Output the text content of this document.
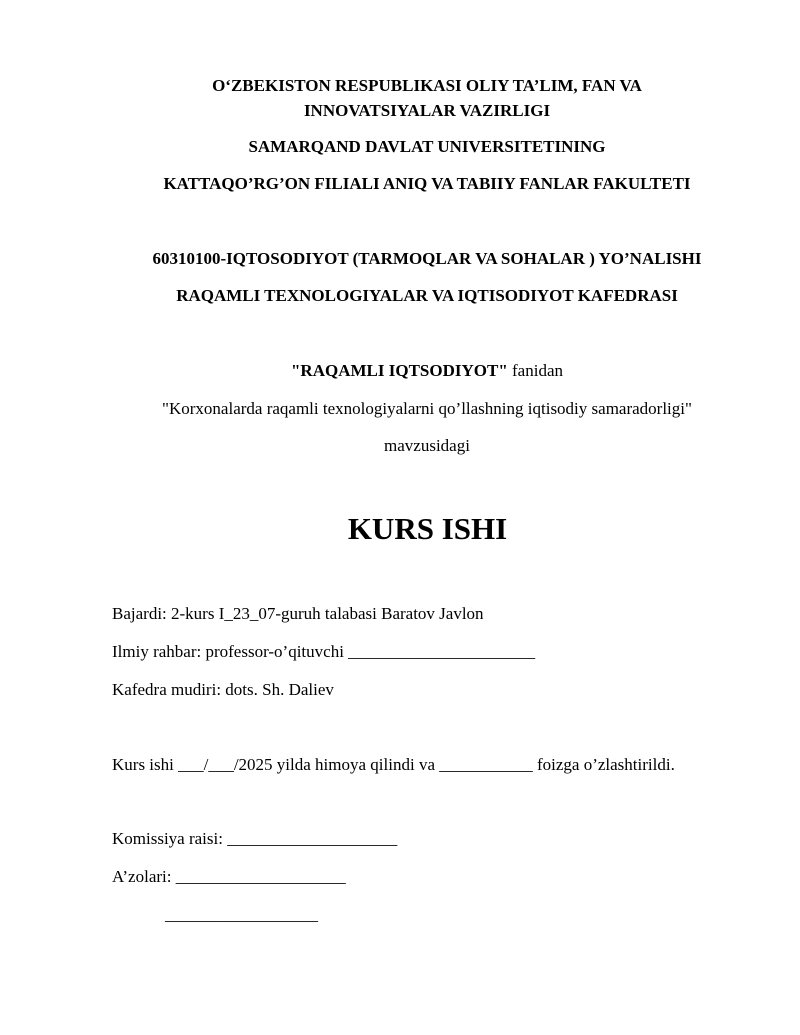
O‘ZBEKISTON RESPUBLIKASI OLIY TA’LIM, FAN VA
INNOVATSIYALAR VAZIRLIGI
SAMARQAND DAVLAT UNIVERSITETINING
KATTAQO’RG’ON FILIALI ANIQ VA TABIIY FANLAR FAKULTETI
60310100-IQTOSODIYOT (TARMOQLAR VA SOHALAR ) YO’NALISHI
RAQAMLI TEXNOLOGIYALAR VA IQTISODIYOT KAFEDRASI
"RAQAMLI IQTSODIYOT" fanidan
"Korxonalarda raqamli texnologiyalarni qo’llashning iqtisodiy samaradorligi"
mavzusidagi
KURS ISHI
Bajardi: 2-kurs I_23_07-guruh talabasi Baratov Javlon
Ilmiy rahbar: professor-o’qituvchi ______________________
Kafedra mudiri: dots. Sh. Daliev
Kurs ishi ___/___/2025 yilda himoya qilindi va ___________ foizga o’zlashtirildi.
Komissiya raisi: ____________________
A’zolari: ____________________
__________________
